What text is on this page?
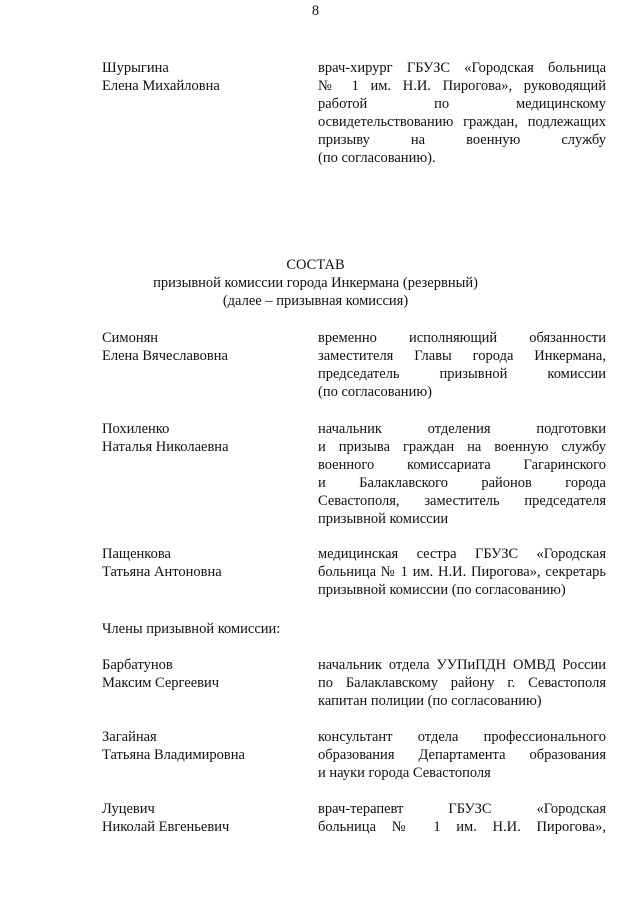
8
Шурыгина
Елена Михайловна
врач-хирург ГБУЗС «Городская больница
№ 1 им. Н.И. Пирогова», руководящий
работой по медицинскому
освидетельствованию граждан, подлежащих
призыву на военную службу
(по согласованию).
СОСТАВ
призывной комиссии города Инкермана (резервный)
(далее – призывная комиссия)
Симонян
Елена Вячеславовна
временно исполняющий обязанности
заместителя Главы города Инкермана,
председатель призывной комиссии
(по согласованию)
Похиленко
Наталья Николаевна
начальник отделения подготовки
и призыва граждан на военную службу
военного комиссариата Гагаринского
и Балаклавского районов города
Севастополя, заместитель председателя
призывной комиссии
Пащенкова
Татьяна Антоновна
медицинская сестра ГБУЗС «Городская
больница № 1 им. Н.И. Пирогова», секретарь
призывной комиссии (по согласованию)
Члены призывной комиссии:
Барбатунов
Максим Сергеевич
начальник отдела УУПиПДН ОМВД России
по Балаклавскому району г. Севастополя
капитан полиции (по согласованию)
Загайная
Татьяна Владимировна
консультант отдела профессионального
образования Департамента образования
и науки города Севастополя
Луцевич
Николай Евгеньевич
врач-терапевт ГБУЗС «Городская
больница № 1 им. Н.И. Пирогова»,
